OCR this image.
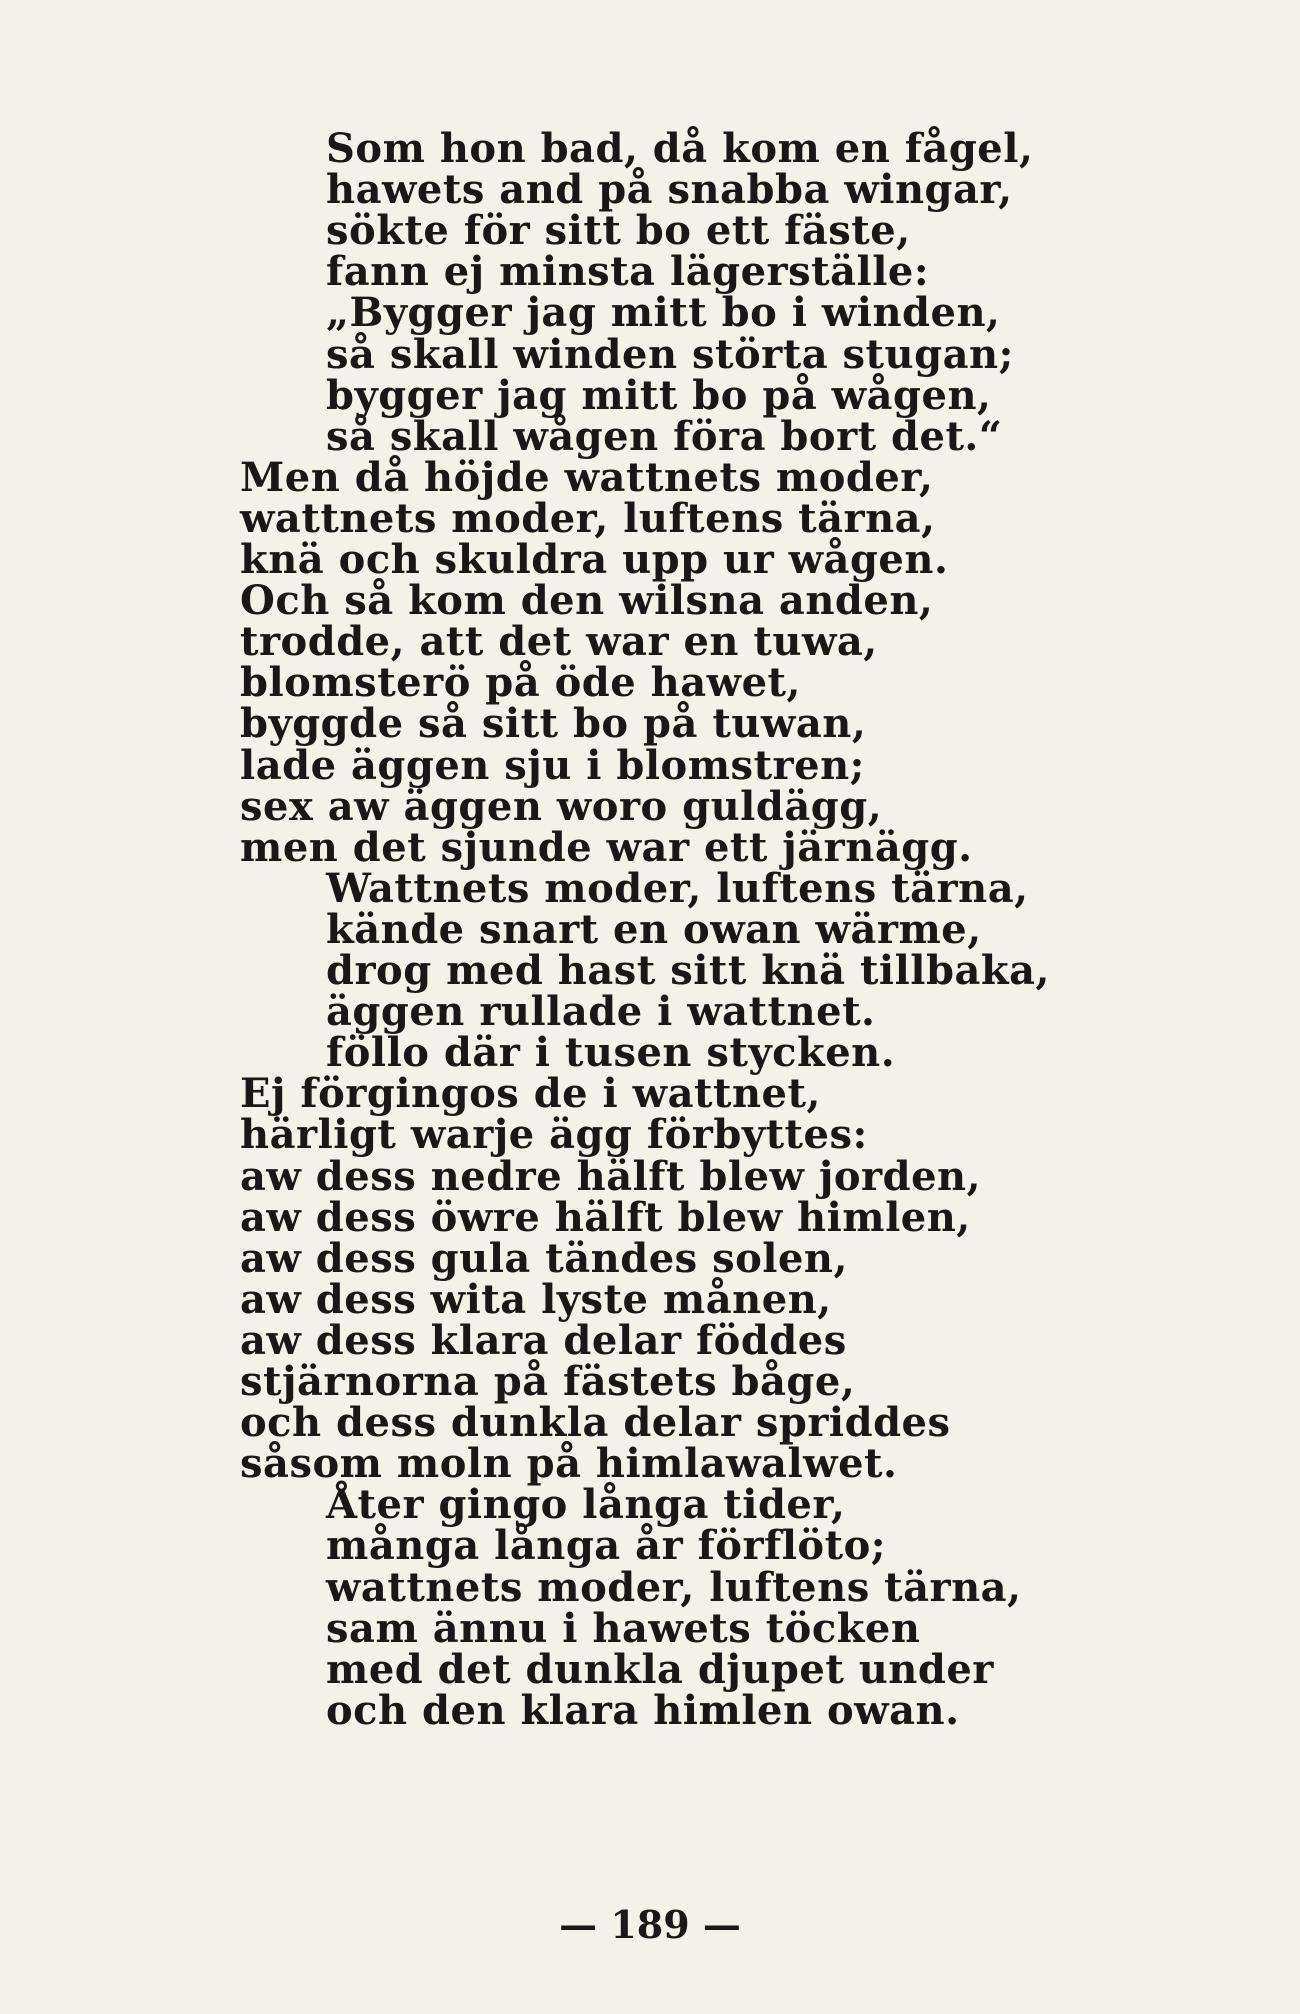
Som hon bad, då kom en fågel,
hawets and på snabba wingar,
sökte för sitt bo ett fäste,
fann ej minsta lägerställe:
„Bygger jag mitt bo i winden,
så skall winden störta stugan;
bygger jag mitt bo på wågen,
så skall wågen föra bort det.“
Men då höjde wattnets moder,
wattnets moder, luftens tärna,
knä och skuldra upp ur wågen.
Och så kom den wilsna anden,
trodde, att det war en tuwa,
blomsterö på öde hawet,
byggde så sitt bo på tuwan,
lade äggen sju i blomstren;
sex aw äggen woro guldägg,
men det sjunde war ett järnägg.
Wattnets moder, luftens tärna,
kände snart en owan wärme,
drog med hast sitt knä tillbaka,
äggen rullade i wattnet.
föllo där i tusen stycken.
Ej förgingos de i wattnet,
härligt warje ägg förbyttes:
aw dess nedre hälft blew jorden,
aw dess öwre hälft blew himlen,
aw dess gula tändes solen,
aw dess wita lyste månen,
aw dess klara delar föddes
stjärnorna på fästets båge,
och dess dunkla delar spriddes
såsom moln på himlawalwet.
Åter gingo långa tider,
många långa år förflöto;
wattnets moder, luftens tärna,
sam ännu i hawets töcken
med det dunkla djupet under
och den klara himlen owan.
— 189 —
